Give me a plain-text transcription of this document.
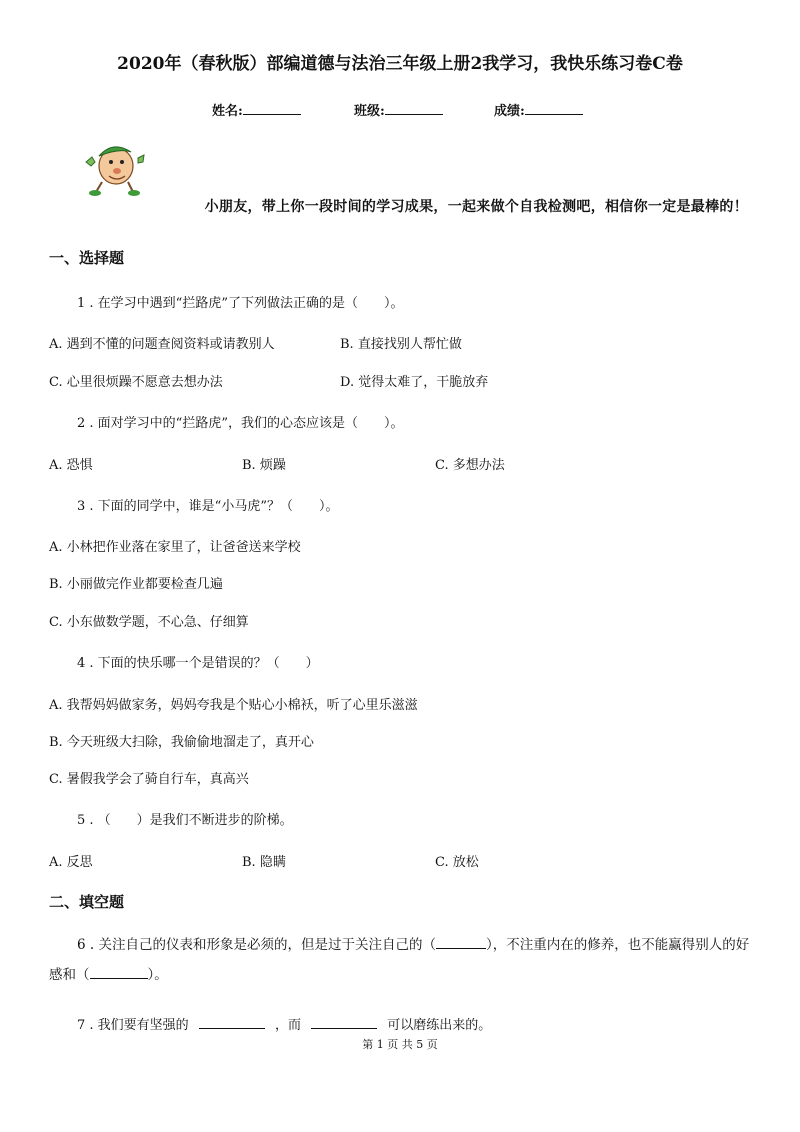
2020年（春秋版）部编道德与法治三年级上册2我学习，我快乐练习卷C卷
姓名:	班级:	成绩:
小朋友，带上你一段时间的学习成果，一起来做个自我检测吧，相信你一定是最棒的！
一、选择题
1 . 在学习中遇到“拦路虎”了下列做法正确的是（　　）。
A. 遇到不懂的问题查阅资料或请教别人	B. 直接找别人帮忙做
C. 心里很烦躁不愿意去想办法	D. 觉得太难了，干脆放弃
2 . 面对学习中的“拦路虎”，我们的心态应该是（　　）。
A. 恐惧	B. 烦躁	C. 多想办法
3 . 下面的同学中，谁是“小马虎”？（　　）。
A. 小林把作业落在家里了，让爸爸送来学校
B. 小丽做完作业都要检查几遍
C. 小东做数学题，不心急、仔细算
4 . 下面的快乐哪一个是错误的？（　　）
A. 我帮妈妈做家务，妈妈夸我是个贴心小棉袄，听了心里乐滋滋
B. 今天班级大扫除，我偷偷地溜走了，真开心
C. 暑假我学会了骑自行车，真高兴
5 . （　　）是我们不断进步的阶梯。
A. 反思	B. 隐瞒	C. 放松
二、填空题
6 . 关注自己的仪表和形象是必须的，但是过于关注自己的（	），不注重内在的修养，也不能赢得别人的好感和（	）。
7 . 我们要有坚强的	，而	可以磨练出来的。
第 1 页 共 5 页
